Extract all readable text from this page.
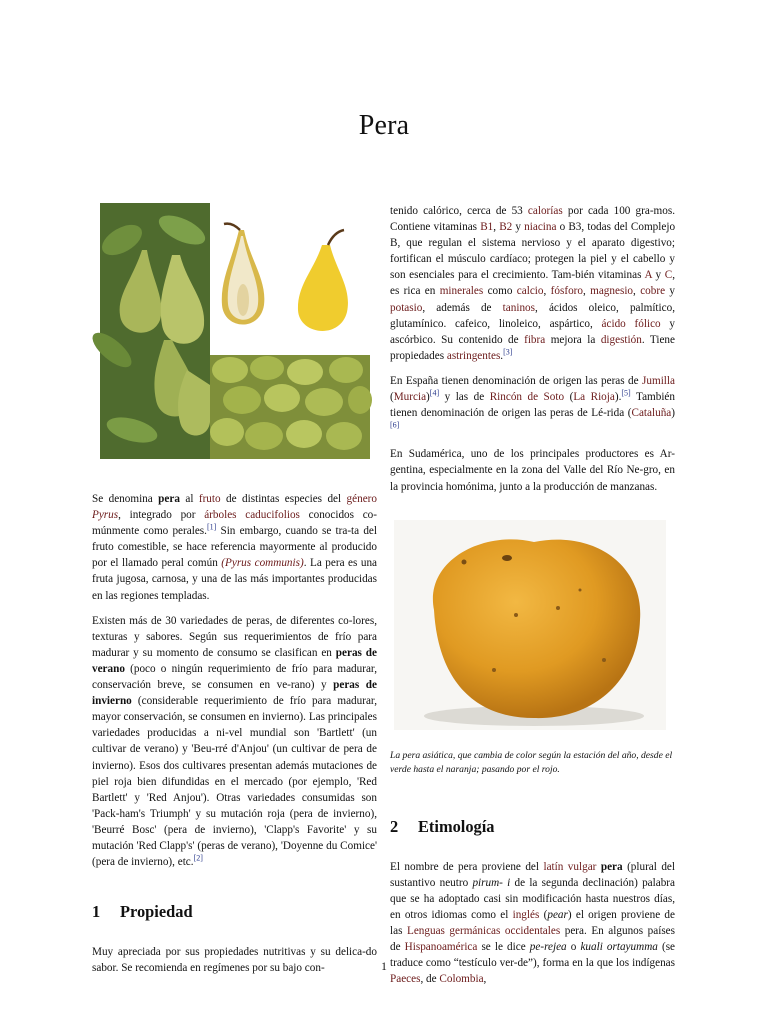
Pera

Se denomina pera al fruto de distintas especies del género Pyrus, integrado por árboles caducifolios conocidos co-múnmente como perales.[1] Sin embargo, cuando se tra-ta del fruto comestible, se hace referencia mayormente al producido por el llamado peral común (Pyrus communis). La pera es una fruta jugosa, carnosa, y una de las más importantes producidas en las regiones templadas.

Existen más de 30 variedades de peras, de diferentes co-lores, texturas y sabores. Según sus requerimientos de frío para madurar y su momento de consumo se clasifican en peras de verano (poco o ningún requerimiento de frío para madurar, conservación breve, se consumen en ve-rano) y peras de invierno (considerable requerimiento de frío para madurar, mayor conservación, se consumen en invierno). Las principales variedades producidas a ni-vel mundial son 'Bartlett' (un cultivar de verano) y 'Beu-rré d'Anjou' (un cultivar de pera de invierno). Esos dos cultivares presentan además mutaciones de piel roja bien difundidas en el mercado (por ejemplo, 'Red Bartlett' y 'Red Anjou'). Otras variedades consumidas son 'Pack-ham's Triumph' y su mutación roja (pera de invierno), 'Beurré Bosc' (pera de invierno), 'Clapp's Favorite' y su mutación 'Red Clapp's' (peras de verano), 'Doyenne du Comice' (pera de invierno), etc.[2]

1 Propiedad

Muy apreciada por sus propiedades nutritivas y su delica-do sabor. Se recomienda en regímenes por su bajo con-

tenido calórico, cerca de 53 calorías por cada 100 gra-mos. Contiene vitaminas B1, B2 y niacina o B3, todas del Complejo B, que regulan el sistema nervioso y el aparato digestivo; fortifican el músculo cardíaco; protegen la piel y el cabello y son esenciales para el crecimiento. Tam-bién vitaminas A y C, es rica en minerales como calcio, fósforo, magnesio, cobre y potasio, además de taninos, ácidos oleico, palmítico, glutamínico. cafeico, linoleico, aspártico, ácido fólico y ascórbico. Su contenido de fibra mejora la digestión. Tiene propiedades astringentes.[3]

En España tienen denominación de origen las peras de Jumilla (Murcia)[4] y las de Rincón de Soto (La Rioja).[5] También tienen denominación de origen las peras de Lé-rida (Cataluña)[6]

En Sudamérica, uno de los principales productores es Ar-gentina, especialmente en la zona del Valle del Río Ne-gro, en la provincia homónima, junto a la producción de manzanas.

La pera asiática, que cambia de color según la estación del año, desde el verde hasta el naranja; pasando por el rojo.

2 Etimología

El nombre de pera proviene del latín vulgar pera (plural del sustantivo neutro pirum- i de la segunda declinación) palabra que se ha adoptado casi sin modificación hasta nuestros días, en otros idiomas como el inglés (pear) el origen proviene de las Lenguas germánicas occidentales pera. En algunos países de Hispanoamérica se le dice pe-rejea o kuali ortayumma (se traduce como “testículo ver-de”), forma en la que los indígenas Paeces, de Colombia,

1
